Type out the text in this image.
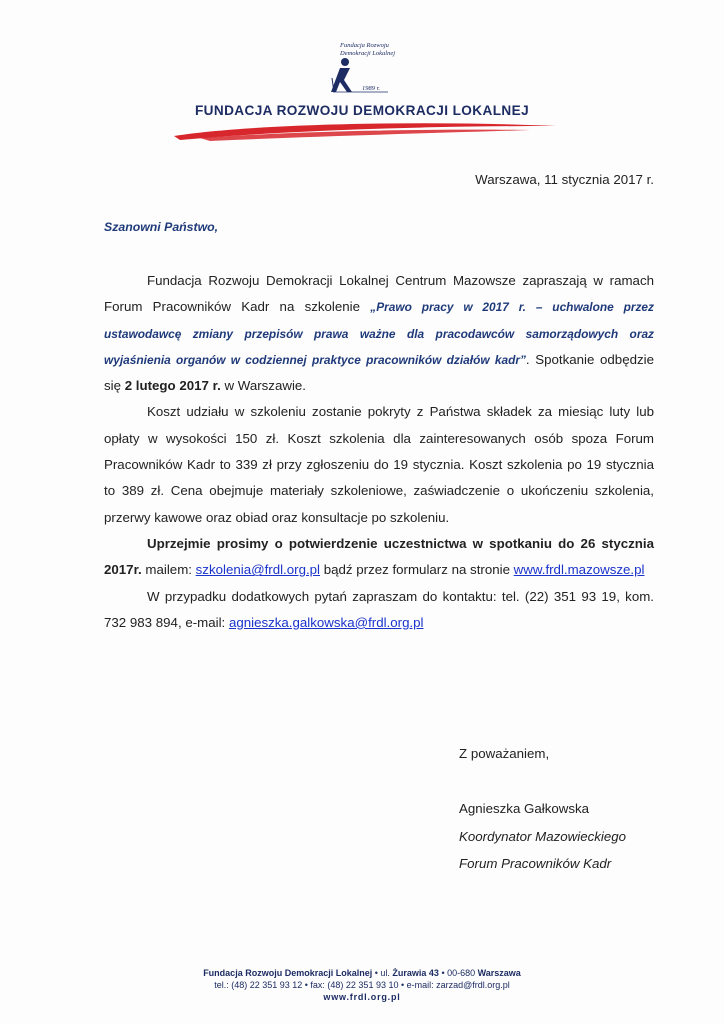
Fundacja Rozwoju
Demokracji Lokalnej
1989 r.
FUNDACJA ROZWOJU DEMOKRACJI LOKALNEJ
Warszawa, 11 stycznia 2017 r.
Szanowni Państwo,

Fundacja Rozwoju Demokracji Lokalnej Centrum Mazowsze zapraszają w ramach Forum Pracowników Kadr na szkolenie „Prawo pracy w 2017 r. – uchwalone przez ustawodawcę zmiany przepisów prawa ważne dla pracodawców samorządowych oraz wyjaśnienia organów w codziennej praktyce pracowników działów kadr”. Spotkanie odbędzie się 2 lutego 2017 r. w Warszawie.

Koszt udziału w szkoleniu zostanie pokryty z Państwa składek za miesiąc luty lub opłaty w wysokości 150 zł. Koszt szkolenia dla zainteresowanych osób spoza Forum Pracowników Kadr to 339 zł przy zgłoszeniu do 19 stycznia. Koszt szkolenia po 19 stycznia to 389 zł. Cena obejmuje materiały szkoleniowe, zaświadczenie o ukończeniu szkolenia, przerwy kawowe oraz obiad oraz konsultacje po szkoleniu.

Uprzejmie prosimy o potwierdzenie uczestnictwa w spotkaniu do 26 stycznia 2017r. mailem: szkolenia@frdl.org.pl bądź przez formularz na stronie www.frdl.mazowsze.pl

W przypadku dodatkowych pytań zapraszam do kontaktu: tel. (22) 351 93 19, kom. 732 983 894, e-mail: agnieszka.galkowska@frdl.org.pl

Z poważaniem,
Agnieszka Gałkowska
Koordynator Mazowieckiego
Forum Pracowników Kadr
Fundacja Rozwoju Demokracji Lokalnej • ul. Żurawia 43 • 00-680 Warszawa
tel.: (48) 22 351 93 12 • fax: (48) 22 351 93 10 • e-mail: zarzad@frdl.org.pl
www.frdl.org.pl
